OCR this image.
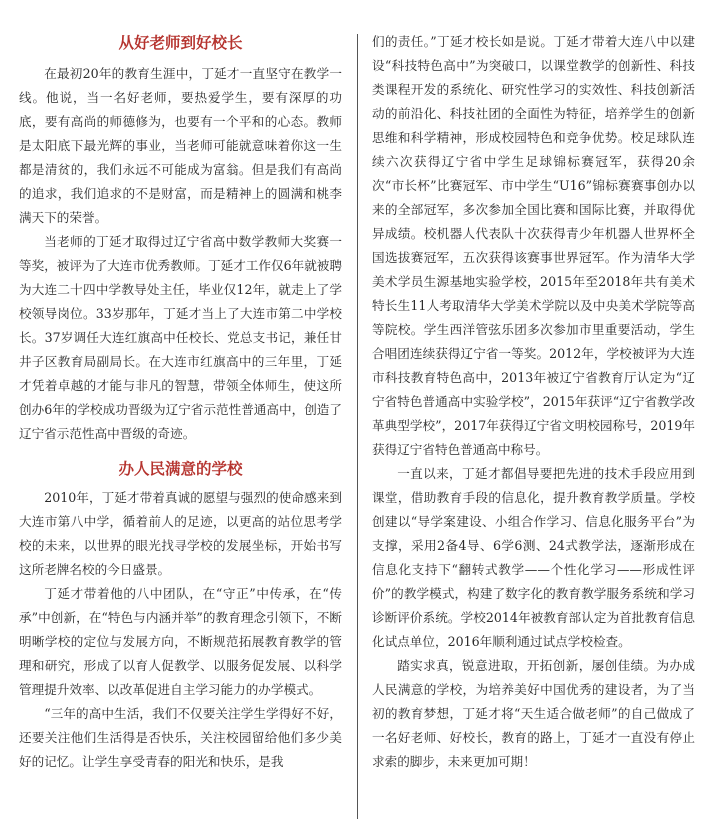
从好老师到好校长

在最初20年的教育生涯中，丁延才一直坚守在教学一线。他说，当一名好老师，要热爱学生，要有深厚的功底，要有高尚的师德修为，也要有一个平和的心态。教师是太阳底下最光辉的事业，当老师可能就意味着你这一生都是清贫的，我们永远不可能成为富翁。但是我们有高尚的追求，我们追求的不是财富，而是精神上的圆满和桃李满天下的荣誉。

当老师的丁延才取得过辽宁省高中数学教师大奖赛一等奖，被评为了大连市优秀教师。丁延才工作仅6年就被聘为大连二十四中学教导处主任，毕业仅12年，就走上了学校领导岗位。33岁那年，丁延才当上了大连市第二中学校长。37岁调任大连红旗高中任校长、党总支书记，兼任甘井子区教育局副局长。在大连市红旗高中的三年里，丁延才凭着卓越的才能与非凡的智慧，带领全体师生，使这所创办6年的学校成功晋级为辽宁省示范性普通高中，创造了辽宁省示范性高中晋级的奇迹。

办人民满意的学校

2010年，丁延才带着真诚的愿望与强烈的使命感来到大连市第八中学，循着前人的足迹，以更高的站位思考学校的未来，以世界的眼光找寻学校的发展坐标，开始书写这所老牌名校的今日盛景。

丁延才带着他的八中团队，在“守正”中传承，在“传承”中创新，在“特色与内涵并举”的教育理念引领下，不断明晰学校的定位与发展方向，不断规范拓展教育教学的管理和研究，形成了以育人促教学、以服务促发展、以科学管理提升效率、以改革促进自主学习能力的办学模式。

“三年的高中生活，我们不仅要关注学生学得好不好，还要关注他们生活得是否快乐，关注校园留给他们多少美好的记忆。让学生享受青春的阳光和快乐，是我

们的责任。”丁延才校长如是说。丁延才带着大连八中以建设“科技特色高中”为突破口，以课堂教学的创新性、科技类课程开发的系统化、研究性学习的实效性、科技创新活动的前沿化、科技社团的全面性为特征，培养学生的创新思维和科学精神，形成校园特色和竞争优势。校足球队连续六次获得辽宁省中学生足球锦标赛冠军，获得20余次“市长杯”比赛冠军、市中学生“U16”锦标赛赛事创办以来的全部冠军，多次参加全国比赛和国际比赛，并取得优异成绩。校机器人代表队十次获得青少年机器人世界杯全国选拔赛冠军，五次获得该赛事世界冠军。作为清华大学美术学员生源基地实验学校，2015年至2018年共有美术特长生11人考取清华大学美术学院以及中央美术学院等高等院校。学生西洋管弦乐团多次参加市里重要活动，学生合唱团连续获得辽宁省一等奖。2012年，学校被评为大连市科技教育特色高中，2013年被辽宁省教育厅认定为“辽宁省特色普通高中实验学校”，2015年获评“辽宁省教学改革典型学校”，2017年获得辽宁省文明校园称号，2019年获得辽宁省特色普通高中称号。

一直以来，丁延才都倡导要把先进的技术手段应用到课堂，借助教育手段的信息化，提升教育教学质量。学校创建以“导学案建设、小组合作学习、信息化服务平台”为支撑，采用2备4导、6学6测、24式教学法，逐渐形成在信息化支持下“翻转式教学——个性化学习——形成性评价”的教学模式，构建了数字化的教育教学服务系统和学习诊断评价系统。学校2014年被教育部认定为首批教育信息化试点单位，2016年顺利通过试点学校检查。

踏实求真，锐意进取，开拓创新，屡创佳绩。为办成人民满意的学校，为培养美好中国优秀的建设者，为了当初的教育梦想，丁延才将“天生适合做老师”的自己做成了一名好老师、好校长，教育的路上，丁延才一直没有停止求索的脚步，未来更加可期！
